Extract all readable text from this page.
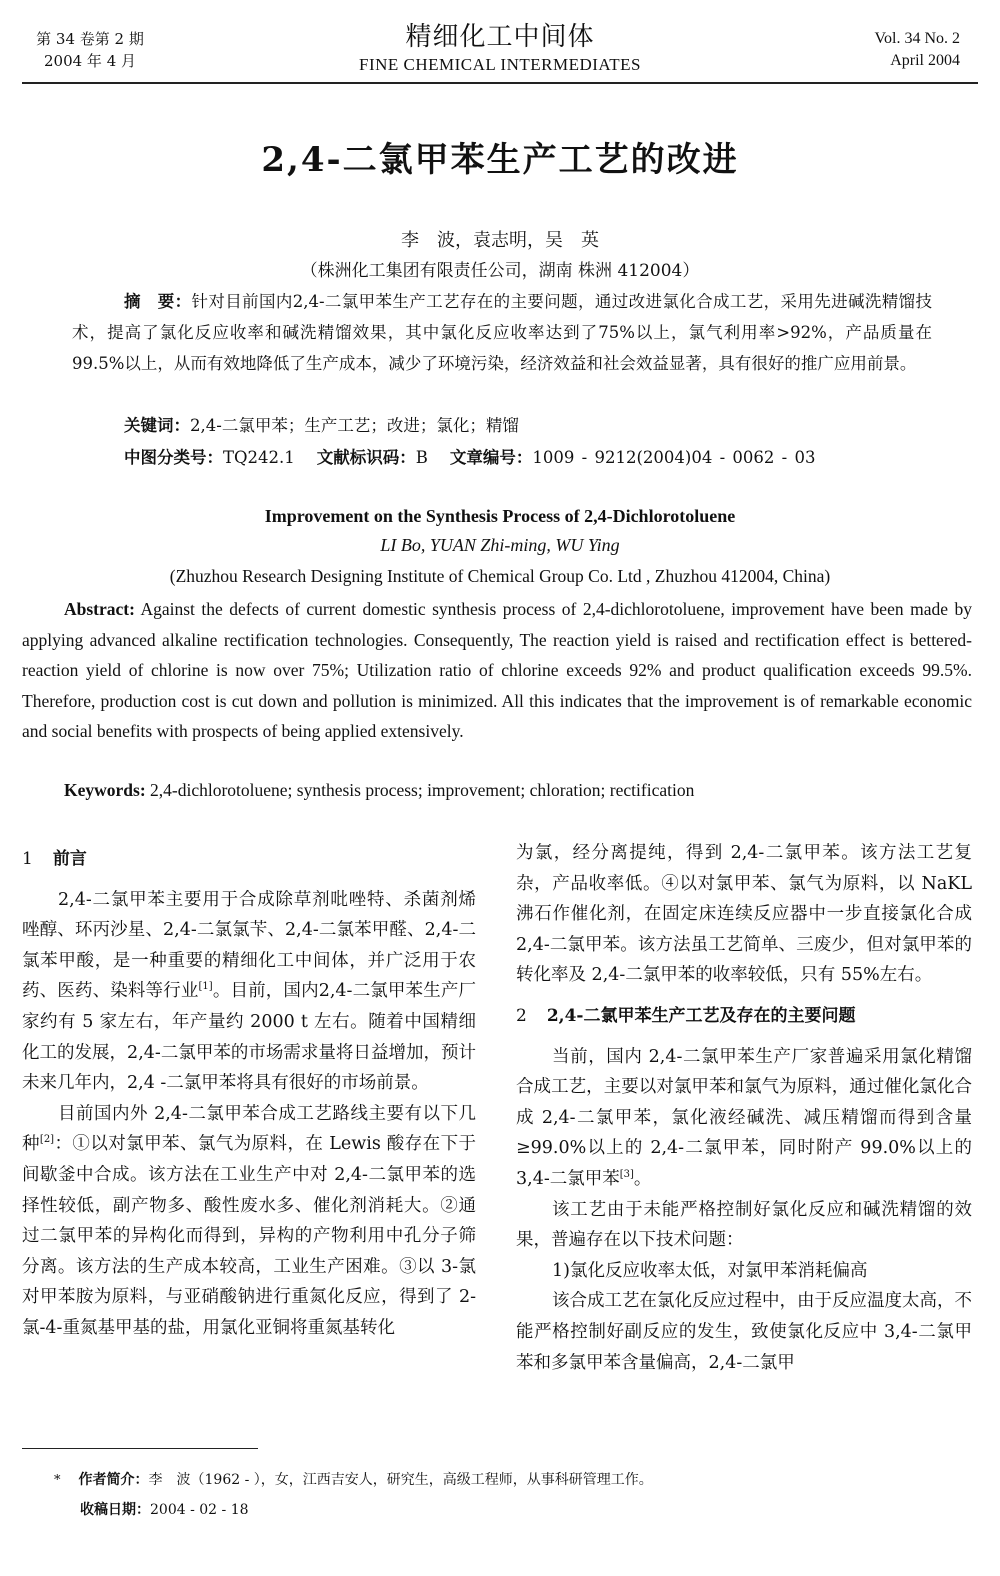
第 34 卷第 2 期
2004 年 4 月
精细化工中间体
FINE CHEMICAL INTERMEDIATES
Vol. 34 No. 2
April 2004
2,4-二氯甲苯生产工艺的改进
李　波，袁志明，吴　英
（株洲化工集团有限责任公司，湖南 株洲 412004）
摘　要：针对目前国内2,4-二氯甲苯生产工艺存在的主要问题，通过改进氯化合成工艺，采用先进碱洗精馏技术，提高了氯化反应收率和碱洗精馏效果，其中氯化反应收率达到了75%以上，氯气利用率>92%，产品质量在99.5%以上，从而有效地降低了生产成本，减少了环境污染，经济效益和社会效益显著，具有很好的推广应用前景。
关键词：2,4-二氯甲苯；生产工艺；改进；氯化；精馏
中图分类号：TQ242.1 文献标识码：B 文章编号：1009 - 9212(2004)04 - 0062 - 03
Improvement on the Synthesis Process of 2,4-Dichlorotoluene
LI Bo, YUAN Zhi-ming, WU Ying
(Zhuzhou Research Designing Institute of Chemical Group Co. Ltd , Zhuzhou 412004, China)
Abstract: Against the defects of current domestic synthesis process of 2,4-dichlorotoluene, improvement have been made by applying advanced alkaline rectification technologies. Consequently, The reaction yield is raised and rectification effect is bettered-reaction yield of chlorine is now over 75%; Utilization ratio of chlorine exceeds 92% and product qualification exceeds 99.5%. Therefore, production cost is cut down and pollution is minimized. All this indicates that the improvement is of remarkable economic and social benefits with prospects of being applied extensively.
Keywords: 2,4-dichlorotoluene; synthesis process; improvement; chloration; rectification
1 前言

2,4-二氯甲苯主要用于合成除草剂吡唑特、杀菌剂烯唑醇、环丙沙星、2,4-二氯氯苄、2,4-二氯苯甲醛、2,4-二氯苯甲酸，是一种重要的精细化工中间体，并广泛用于农药、医药、染料等行业[1]。目前，国内2,4-二氯甲苯生产厂家约有 5 家左右，年产量约 2000 t 左右。随着中国精细化工的发展，2,4-二氯甲苯的市场需求量将日益增加，预计未来几年内，2,4 -二氯甲苯将具有很好的市场前景。

目前国内外 2,4-二氯甲苯合成工艺路线主要有以下几种[2]：①以对氯甲苯、氯气为原料，在 Lewis 酸存在下于间歇釜中合成。该方法在工业生产中对 2,4-二氯甲苯的选择性较低，副产物多、酸性废水多、催化剂消耗大。②通过二氯甲苯的异构化而得到，异构的产物利用中孔分子筛分离。该方法的生产成本较高，工业生产困难。③以 3-氯对甲苯胺为原料，与亚硝酸钠进行重氮化反应，得到了 2-氯-4-重氮基甲基的盐，用氯化亚铜将重氮基转化

为氯，经分离提纯，得到 2,4-二氯甲苯。该方法工艺复杂，产品收率低。④以对氯甲苯、氯气为原料，以 NaKL 沸石作催化剂，在固定床连续反应器中一步直接氯化合成 2,4-二氯甲苯。该方法虽工艺简单、三废少，但对氯甲苯的转化率及 2,4-二氯甲苯的收率较低，只有 55%左右。

2 2,4-二氯甲苯生产工艺及存在的主要问题

当前，国内 2,4-二氯甲苯生产厂家普遍采用氯化精馏合成工艺，主要以对氯甲苯和氯气为原料，通过催化氯化合成 2,4-二氯甲苯，氯化液经碱洗、减压精馏而得到含量≥99.0%以上的 2,4-二氯甲苯，同时附产 99.0%以上的 3,4-二氯甲苯[3]。

该工艺由于未能严格控制好氯化反应和碱洗精馏的效果，普遍存在以下技术问题：

1)氯化反应收率太低，对氯甲苯消耗偏高

该合成工艺在氯化反应过程中，由于反应温度太高，不能严格控制好副反应的发生，致使氯化反应中 3,4-二氯甲苯和多氯甲苯含量偏高，2,4-二氯甲

* 作者简介：李　波（1962 - ），女，江西吉安人，研究生，高级工程师，从事科研管理工作。
收稿日期：2004 - 02 - 18
